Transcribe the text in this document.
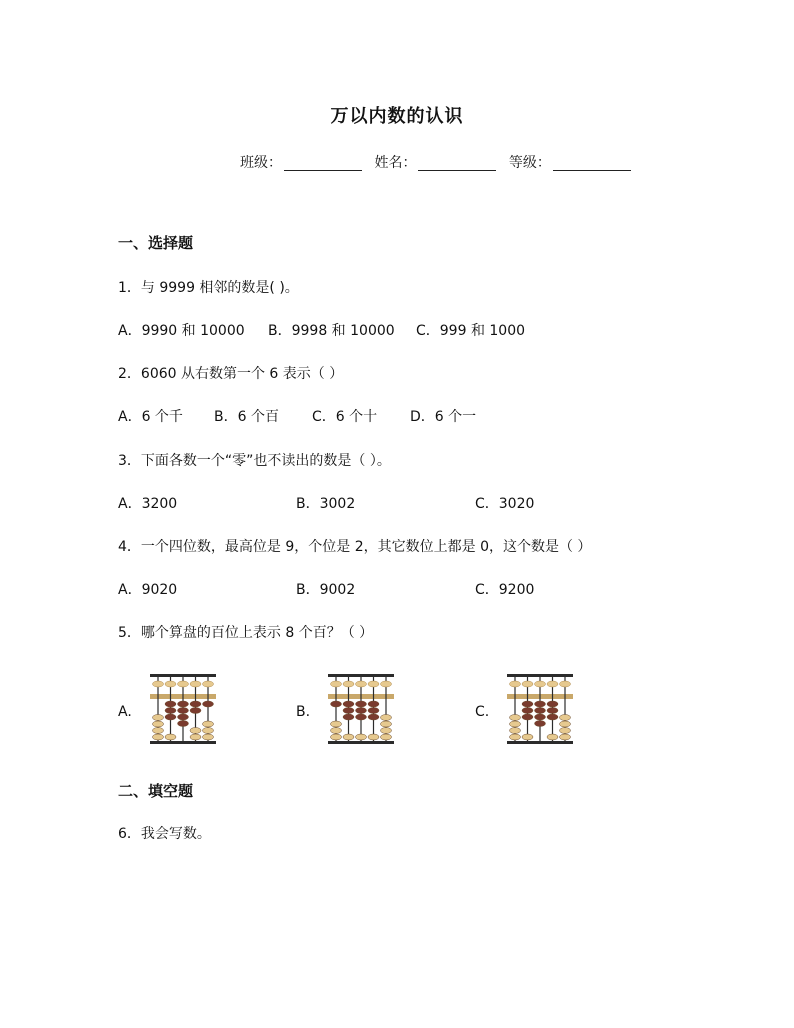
万以内数的认识
班级：	姓名：	等级：
一、选择题
1．与 9999 相邻的数是( )。
A．9990 和 10000 B．9998 和 10000 C．999 和 1000
2．6060 从右数第一个 6 表示（ ）
A．6 个千 B．6 个百 C．6 个十 D．6 个一
3．下面各数一个“零”也不读出的数是（ ）。
A．3200	B．3002	C．3020
4．一个四位数，最高位是 9，个位是 2，其它数位上都是 0，这个数是（ ）
A．9020	B．9002	C．9200
5．哪个算盘的百位上表示 8 个百？（ ）
A.	B.	C.
二、填空题
6．我会写数。
